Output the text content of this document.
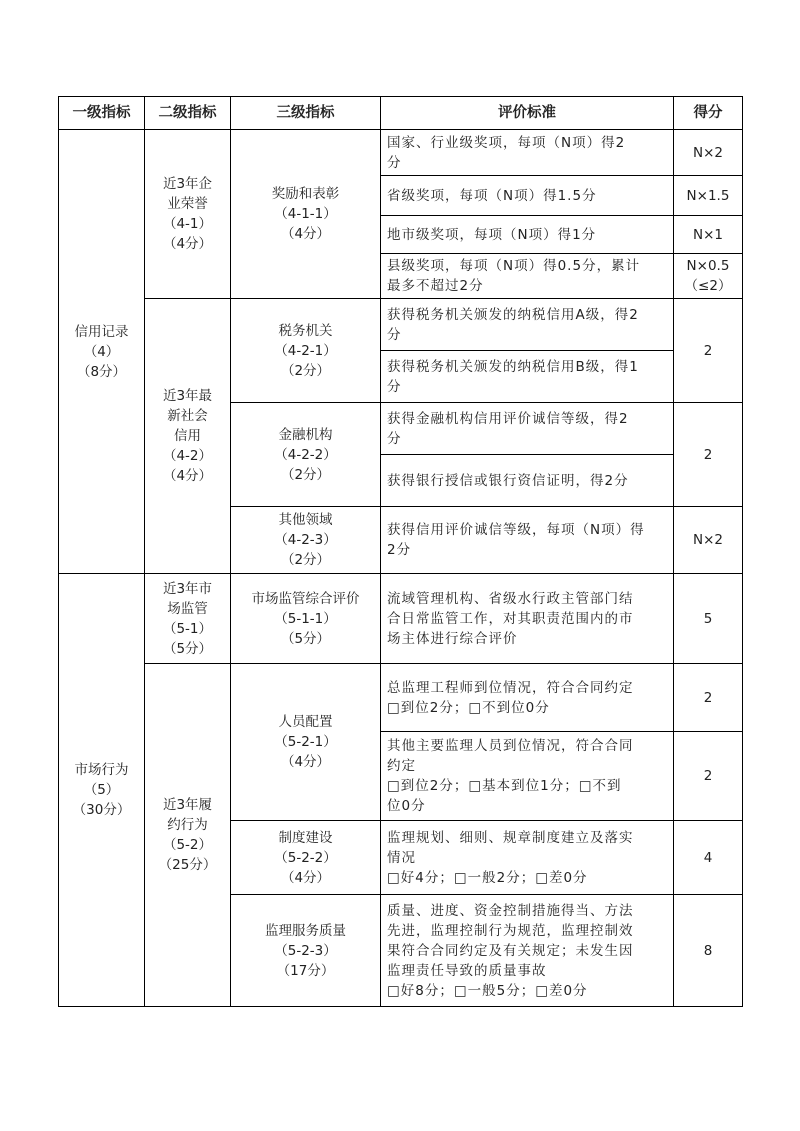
一级指标	二级指标	三级指标	评价标准	得分

信用记录
（4）
（8分）	近3年企
业荣誉
（4-1）
（4分）	奖励和表彰
（4-1-1）
（4分）	国家、行业级奖项，每项（N项）得2
分	N×2

			省级奖项，每项（N项）得1.5分	N×1.5

			地市级奖项，每项（N项）得1分	N×1

			县级奖项，每项（N项）得0.5分，累计
最多不超过2分	N×0.5
（≤2）

	近3年最
新社会
信用
（4-2）
（4分）	税务机关
（4-2-1）
（2分）	获得税务机关颁发的纳税信用A级，得2
分	2

			获得税务机关颁发的纳税信用B级，得1
分	

		金融机构
（4-2-2）
（2分）	获得金融机构信用评价诚信等级，得2
分	2

			获得银行授信或银行资信证明，得2分	

		其他领域
（4-2-3）
（2分）	获得信用评价诚信等级，每项（N项）得
2分	N×2

市场行为
（5）
（30分）	近3年市
场监管
（5-1）
（5分）	市场监管综合评价
（5-1-1）
（5分）	流域管理机构、省级水行政主管部门结
合日常监管工作，对其职责范围内的市
场主体进行综合评价	5

	近3年履
约行为
（5-2）
（25分）	人员配置
（5-2-1）
（4分）	总监理工程师到位情况，符合合同约定
□到位2分；□不到位0分	2

			其他主要监理人员到位情况，符合合同
约定
□到位2分；□基本到位1分；□不到
位0分	2

		制度建设
（5-2-2）
（4分）	监理规划、细则、规章制度建立及落实
情况
□好4分；□一般2分；□差0分	4

		监理服务质量
（5-2-3）
（17分）	质量、进度、资金控制措施得当、方法
先进，监理控制行为规范，监理控制效
果符合合同约定及有关规定；未发生因
监理责任导致的质量事故
□好8分；□一般5分；□差0分	8
